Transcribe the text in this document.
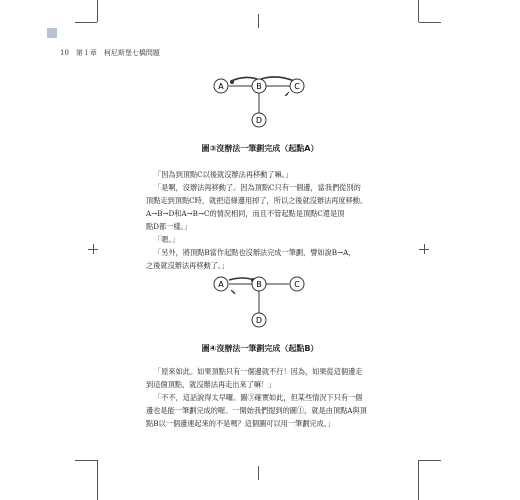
10　第１章　柯尼斯堡七橋問題
A	B	C
D
圖③沒辦法一筆劃完成（起點A）

「因為到頂點C以後就沒辦法再移動了嘛。」

「是啊，沒辦法再移動了。因為頂點C只有一個邊，當我們從別的

頂點走到頂點C時，就把這條邊用掉了，所以之後就沒辦法再度移動。

A→B→D和A→B→C的情況相同，而且不管起點是頂點C還是頂

點D都一樣。」

「嗯。」

「另外，將頂點B當作起點也沒辦法完成一筆劃，譬如說B→A，

之後就沒辦法再移動了。」

A	B	C
D
圖④沒辦法一筆劃完成（起點B）

「原來如此。如果頂點只有一個邊就不行！因為，如果從這個邊走

到這個頂點，就沒辦法再走出來了嘛！」

「不不，這話說得太早囉。圖③確實如此，但某些情況下只有一個

邊也是能一筆劃完成的喔。一開始我們提到的圖①，就是由頂點A與頂

點B以一個邊連起來的不是嗎？這個圖可以用一筆劃完成。」
